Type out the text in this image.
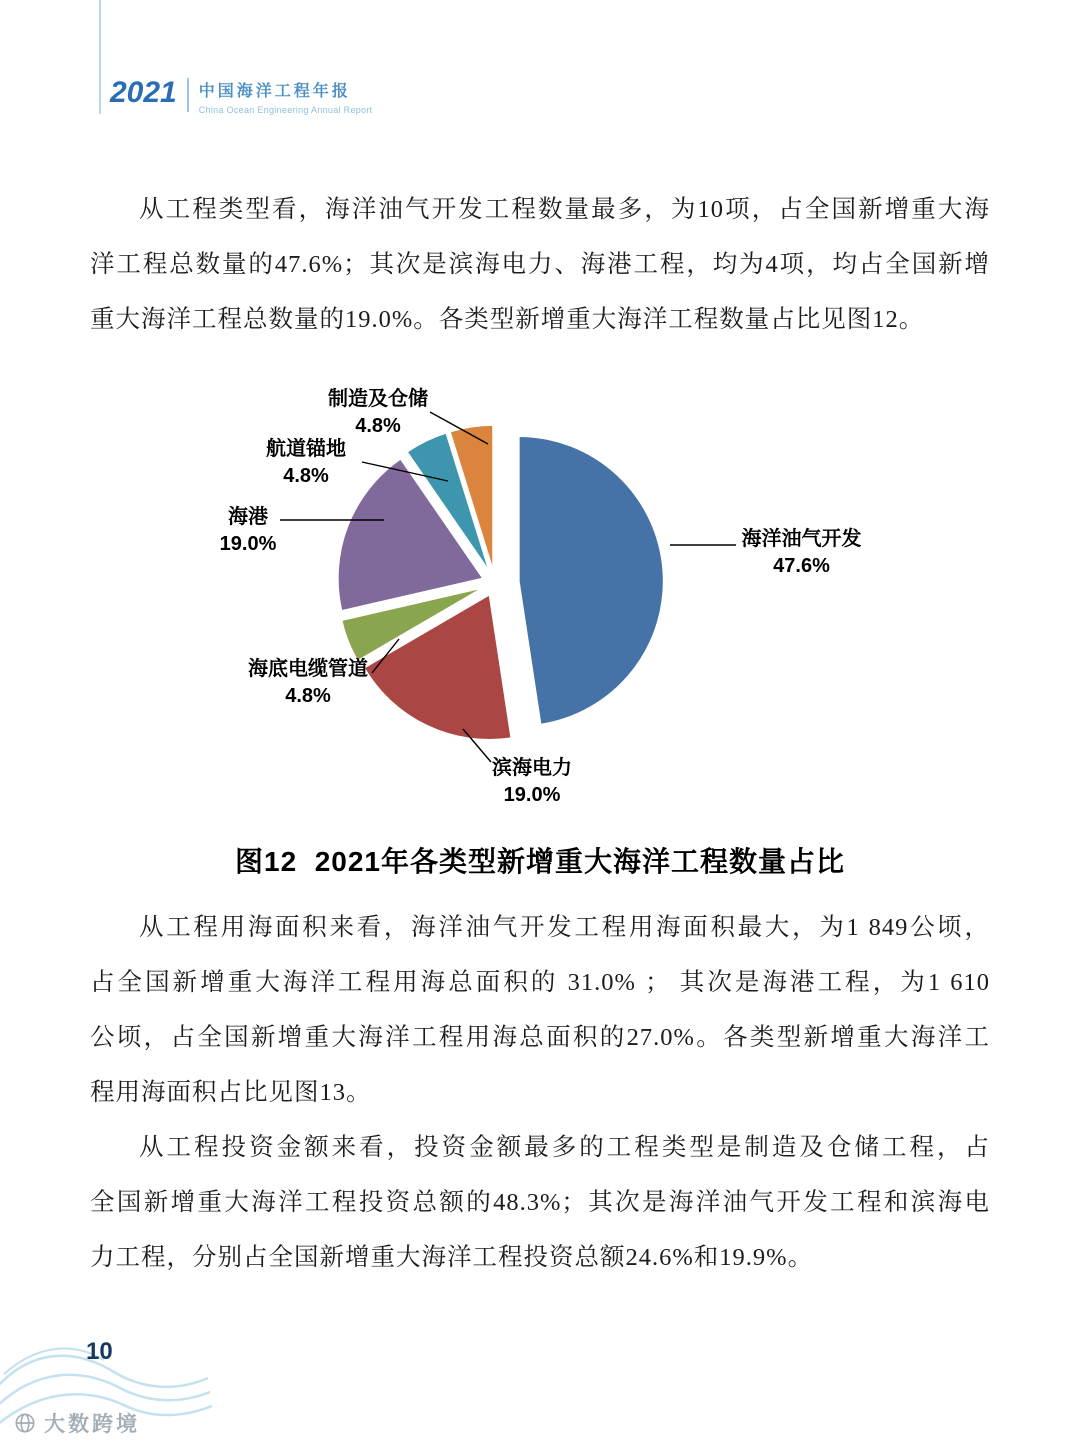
2021 中国海洋工程年报
China Ocean Engineering Annual Report
从工程类型看，海洋油气开发工程数量最多，为10项，占全国新增重大海
洋工程总数量的47.6%；其次是滨海电力、海港工程，均为4项，均占全国新增
重大海洋工程总数量的19.0%。各类型新增重大海洋工程数量占比见图12。
制造及仓储
4.8%
航道锚地
4.8%
海港
19.0%
海底电缆管道
4.8%
滨海电力
19.0%
海洋油气开发
47.6%
图12  2021年各类型新增重大海洋工程数量占比
从工程用海面积来看，海洋油气开发工程用海面积最大，为1 849公顷，
占全国新增重大海洋工程用海总面积的 31.0% ； 其次是海港工程，为1 610
公顷，占全国新增重大海洋工程用海总面积的27.0%。各类型新增重大海洋工
程用海面积占比见图13。
从工程投资金额来看，投资金额最多的工程类型是制造及仓储工程，占
全国新增重大海洋工程投资总额的48.3%；其次是海洋油气开发工程和滨海电
力工程，分别占全国新增重大海洋工程投资总额24.6%和19.9%。
10
大数跨境
